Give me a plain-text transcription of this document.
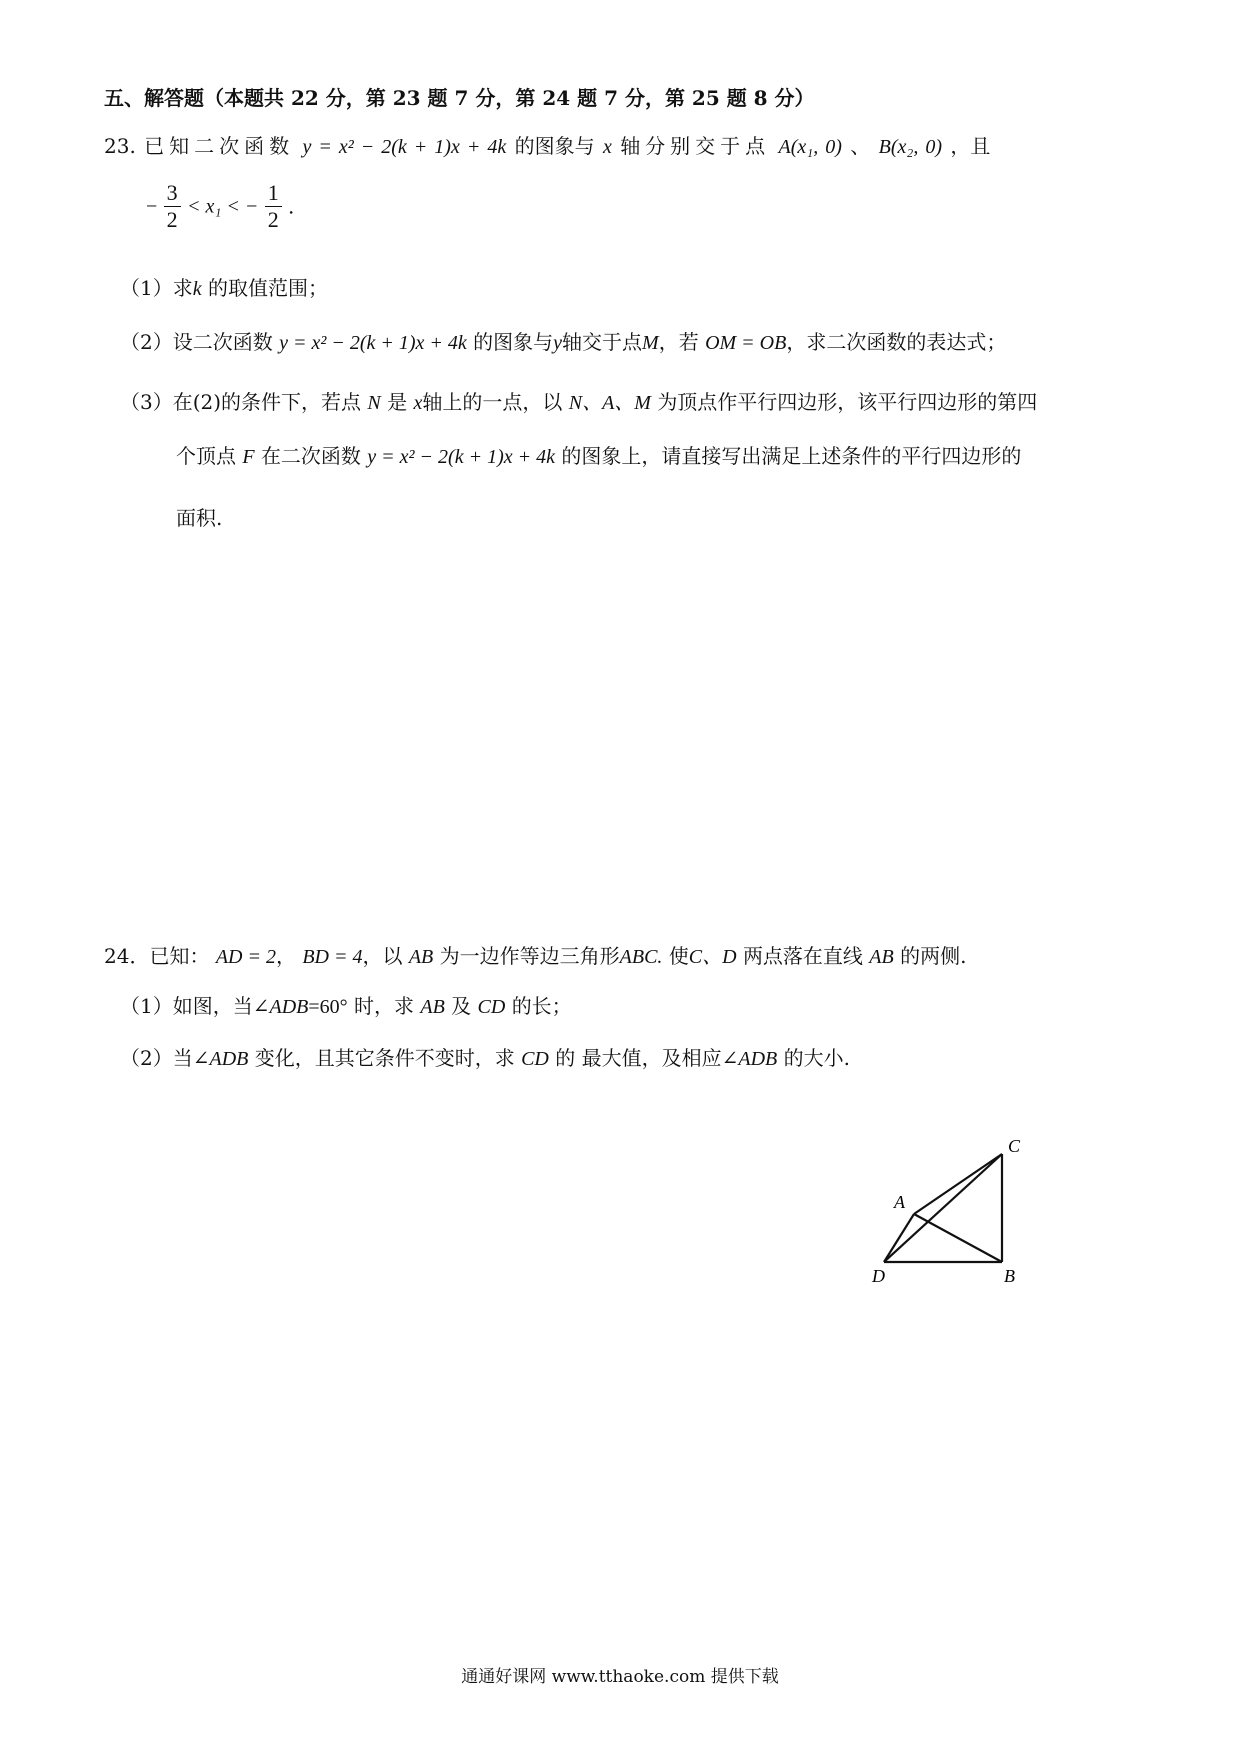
五、解答题（本题共 22 分，第 23 题 7 分，第 24 题 7 分，第 25 题 8 分）
23. 已知二次函数 y = x² − 2(k + 1)x + 4k 的图象与 x 轴分别交于点 A(x₁, 0) 、 B(x₂, 0) ，且
− $\frac{3}{2} < x_1$ < − $\frac{1}{2}$ .
（1）求k 的取值范围；
（2）设二次函数 y = x² − 2(k + 1)x + 4k 的图象与y轴交于点M，若 OM = OB，求二次函数的表达式；
（3）在(2)的条件下，若点 N 是 x轴上的一点，以 N、A、M 为顶点作平行四边形，该平行四边形的第四
个顶点 F 在二次函数 y = x² − 2(k + 1)x + 4k 的图象上，请直接写出满足上述条件的平行四边形的
面积.
24．已知： AD = 2， BD = 4，以 AB 为一边作等边三角形ABC. 使C、D 两点落在直线 AB 的两侧.
（1）如图，当∠ADB=60° 时，求 AB 及 CD 的长；
（2）当∠ADB 变化，且其它条件不变时，求 CD 的 最大值，及相应∠ADB 的大小.
A
B
C
D
通通好课网 www.tthaoke.com 提供下载
